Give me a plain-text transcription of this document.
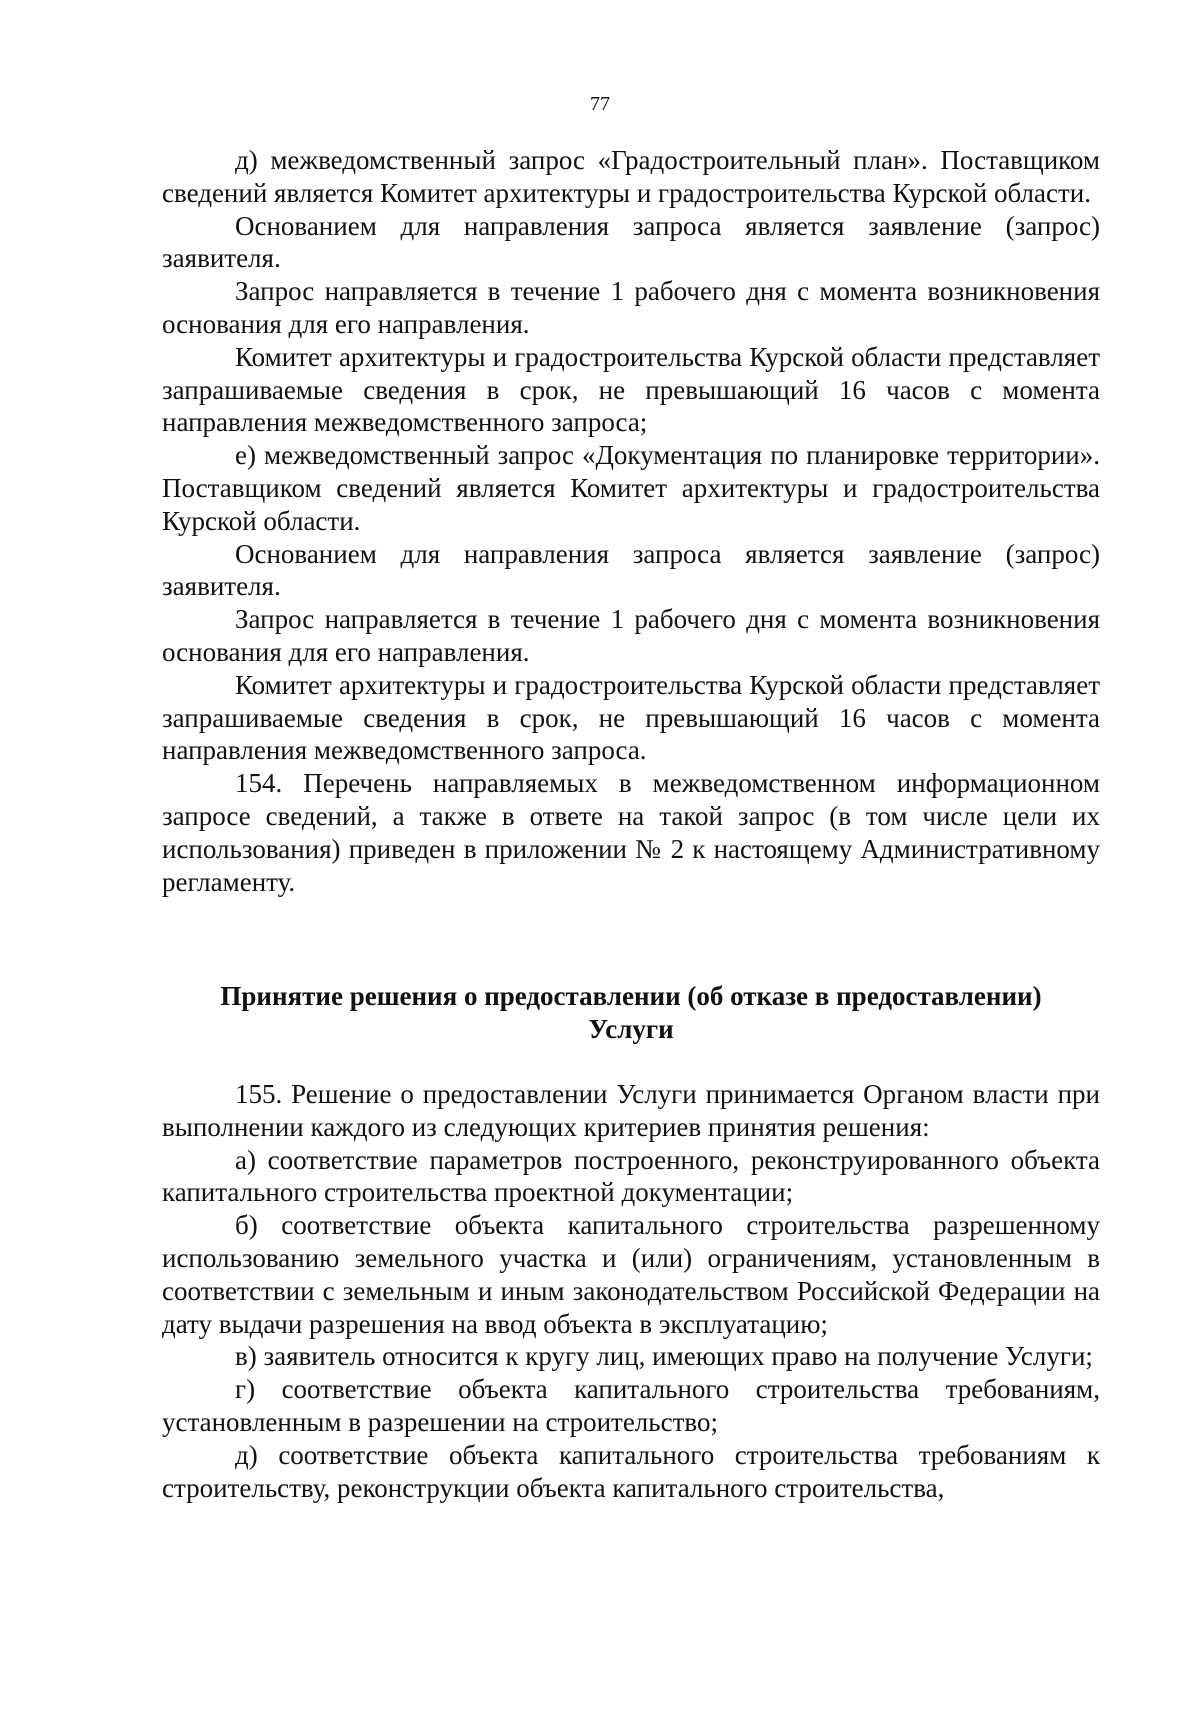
77

д) межведомственный запрос «Градостроительный план». Поставщиком сведений является Комитет архитектуры и градостроительства Курской области.

Основанием для направления запроса является заявление (запрос) заявителя.

Запрос направляется в течение 1 рабочего дня с момента возникновения основания для его направления.

Комитет архитектуры и градостроительства Курской области представляет запрашиваемые сведения в срок, не превышающий 16 часов с момента направления межведомственного запроса;

е) межведомственный запрос «Документация по планировке территории». Поставщиком сведений является Комитет архитектуры и градостроительства Курской области.

Основанием для направления запроса является заявление (запрос) заявителя.

Запрос направляется в течение 1 рабочего дня с момента возникновения основания для его направления.

Комитет архитектуры и градостроительства Курской области представляет запрашиваемые сведения в срок, не превышающий 16 часов с момента направления межведомственного запроса.

154. Перечень направляемых в межведомственном информационном запросе сведений, а также в ответе на такой запрос (в том числе цели их использования) приведен в приложении № 2 к настоящему Административному регламенту.

Принятие решения о предоставлении (об отказе в предоставлении)
Услуги

155. Решение о предоставлении Услуги принимается Органом власти при выполнении каждого из следующих критериев принятия решения:

а) соответствие параметров построенного, реконструированного объекта капитального строительства проектной документации;

б) соответствие объекта капитального строительства разрешенному использованию земельного участка и (или) ограничениям, установленным в соответствии с земельным и иным законодательством Российской Федерации на дату выдачи разрешения на ввод объекта в эксплуатацию;

в) заявитель относится к кругу лиц, имеющих право на получение Услуги;

г) соответствие объекта капитального строительства требованиям, установленным в разрешении на строительство;

д) соответствие объекта капитального строительства требованиям к строительству, реконструкции объекта капитального строительства,
